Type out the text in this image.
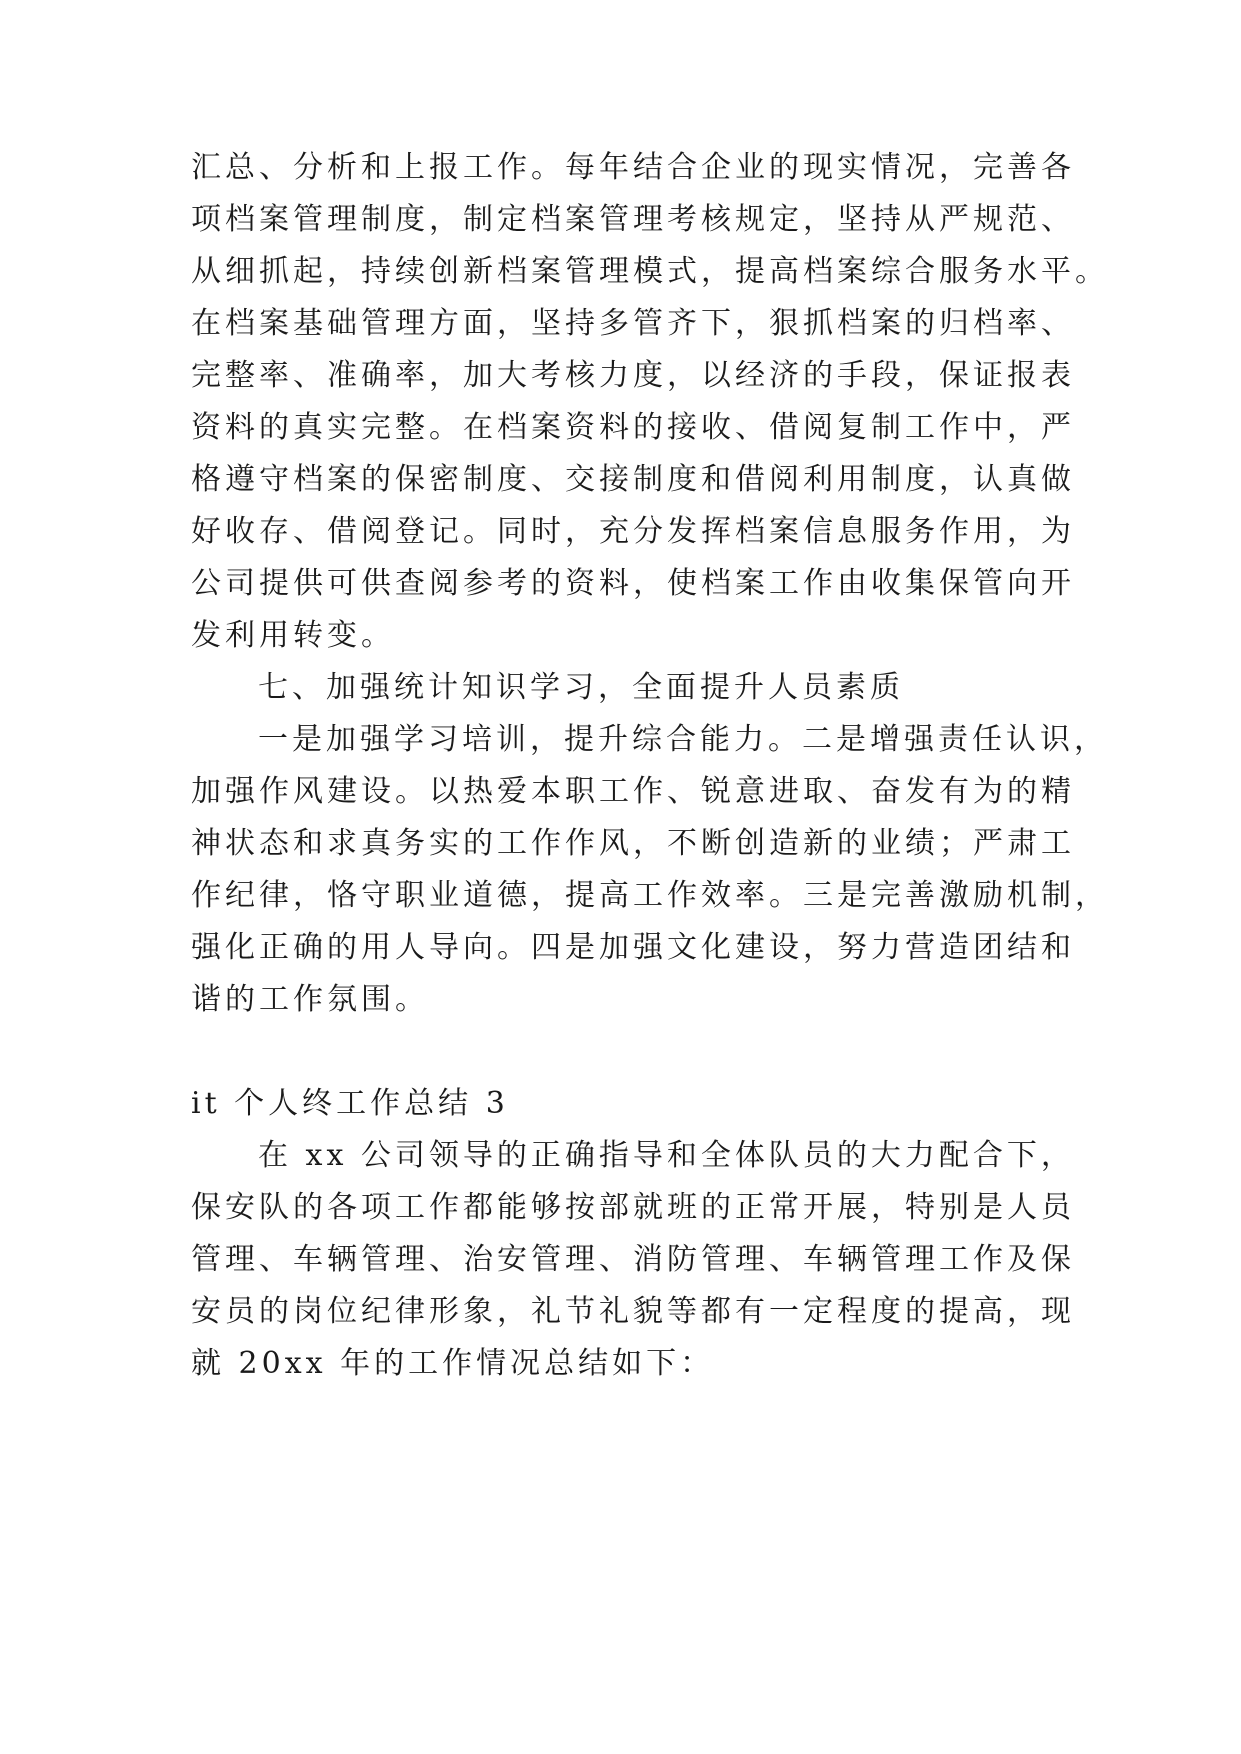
汇总、分析和上报工作。每年结合企业的现实情况，完善各
项档案管理制度，制定档案管理考核规定，坚持从严规范、
从细抓起，持续创新档案管理模式，提高档案综合服务水平。
在档案基础管理方面，坚持多管齐下，狠抓档案的归档率、
完整率、准确率，加大考核力度，以经济的手段，保证报表
资料的真实完整。在档案资料的接收、借阅复制工作中，严
格遵守档案的保密制度、交接制度和借阅利用制度，认真做
好收存、借阅登记。同时，充分发挥档案信息服务作用，为
公司提供可供查阅参考的资料，使档案工作由收集保管向开
发利用转变。
七、加强统计知识学习，全面提升人员素质
一是加强学习培训，提升综合能力。二是增强责任认识，
加强作风建设。以热爱本职工作、锐意进取、奋发有为的精
神状态和求真务实的工作作风，不断创造新的业绩；严肃工
作纪律，恪守职业道德，提高工作效率。三是完善激励机制，
强化正确的用人导向。四是加强文化建设，努力营造团结和
谐的工作氛围。
it 个人终工作总结 3
在 xx 公司领导的正确指导和全体队员的大力配合下，
保安队的各项工作都能够按部就班的正常开展，特别是人员
管理、车辆管理、治安管理、消防管理、车辆管理工作及保
安员的岗位纪律形象，礼节礼貌等都有一定程度的提高，现
就 20xx 年的工作情况总结如下：
